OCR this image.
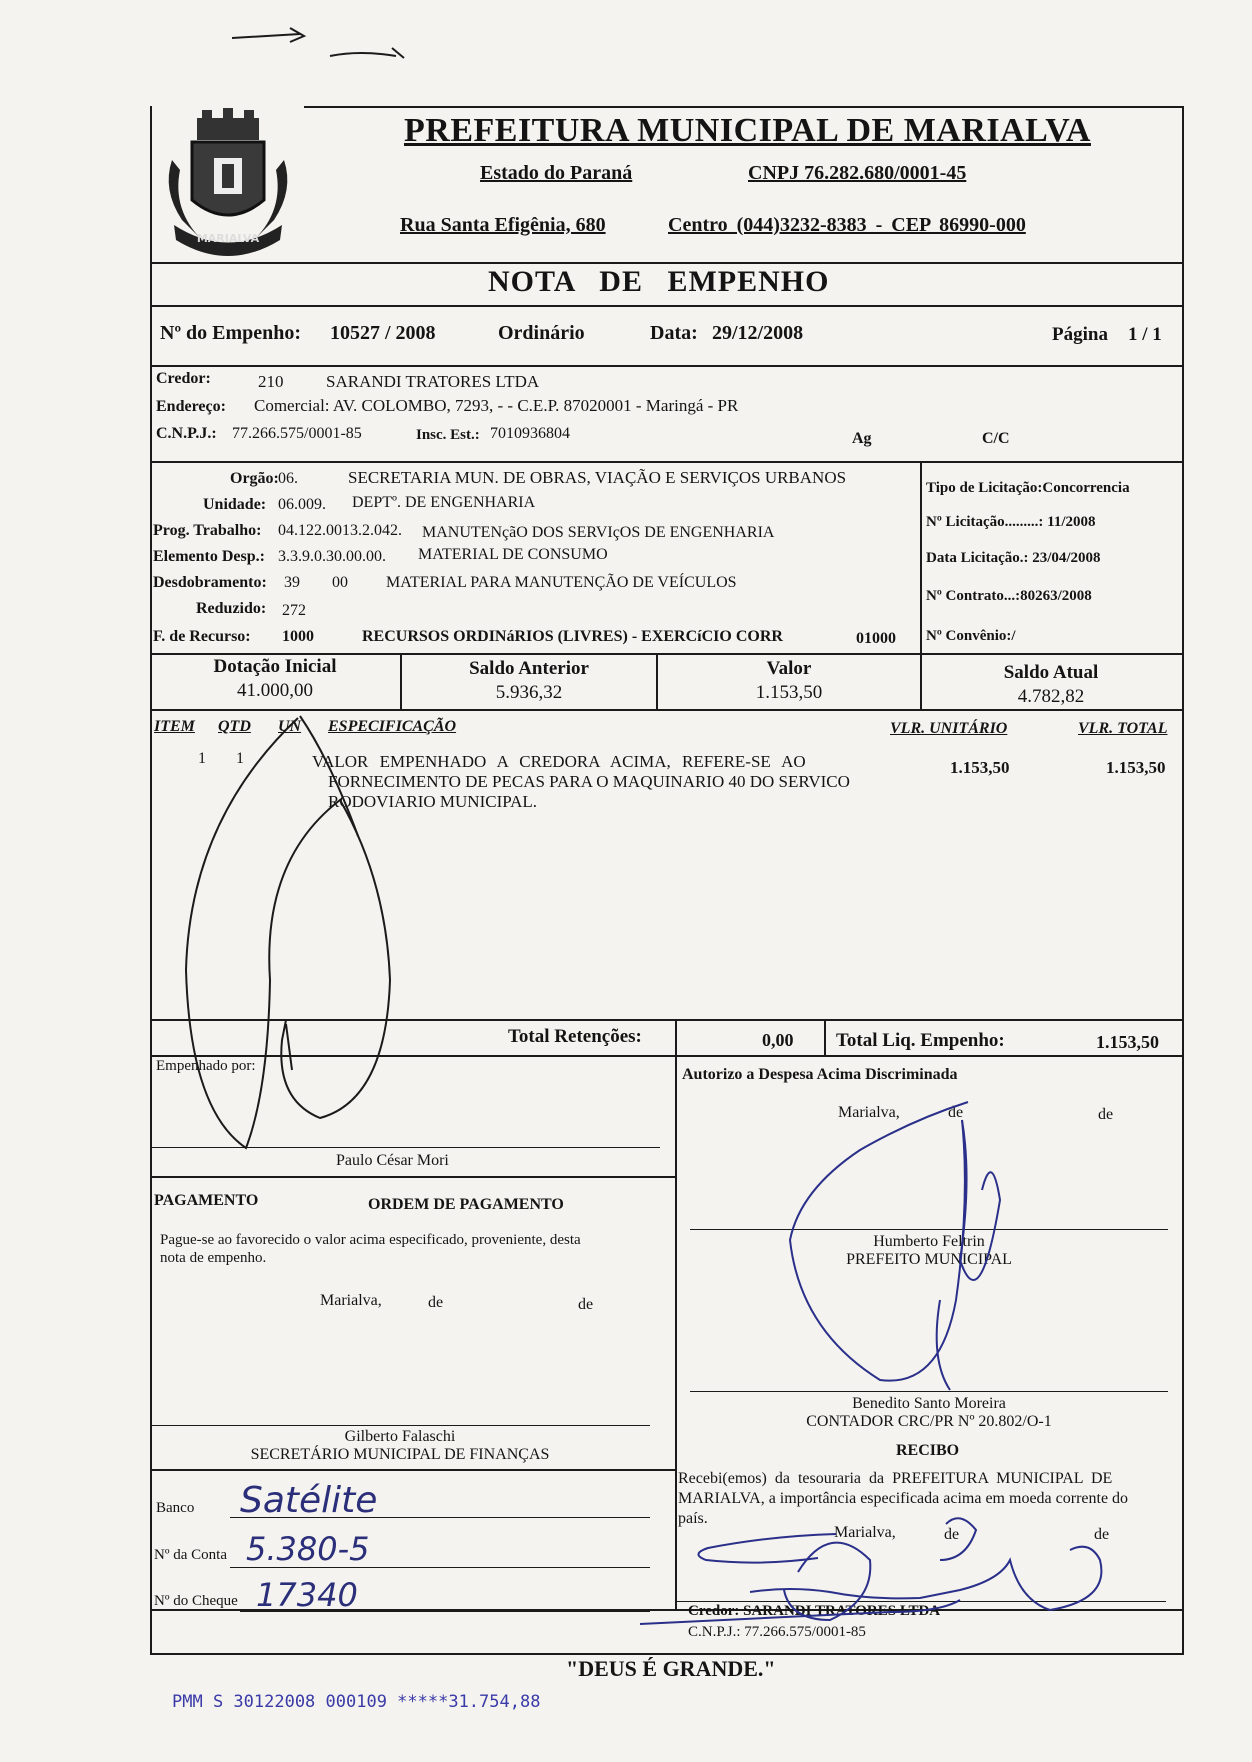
MARIALVA
PREFEITURA MUNICIPAL DE MARIALVA
Estado do Paraná	CNPJ 76.282.680/0001-45
Rua Santa Efigênia, 680	Centro (044)3232-8383 - CEP 86990-000
NOTA DE EMPENHO
Nº do Empenho: 10527 / 2008	Ordinário	Data: 29/12/2008	Página 1 / 1
Credor:	210	SARANDI TRATORES LTDA
Endereço: Comercial: AV. COLOMBO, 7293, - - C.E.P. 87020001 - Maringá - PR
C.N.P.J.: 77.266.575/0001-85	Insc. Est.: 7010936804	Ag	C/C
Orgão: 06.	SECRETARIA MUN. DE OBRAS, VIAÇÃO E SERVIÇOS URBANOS
Unidade: 06.009. DEPTº. DE ENGENHARIA
Prog. Trabalho: 04.122.0013.2.042. MANUTENçãO DOS SERVIçOS DE ENGENHARIA
Elemento Desp.: 3.3.9.0.30.00.00. MATERIAL DE CONSUMO
Desdobramento: 39 00 MATERIAL PARA MANUTENÇÃO DE VEÍCULOS
Reduzido: 272
F. de Recurso: 1000	RECURSOS ORDINáRIOS (LIVRES) - EXERCíCIO CORR	01000
Tipo de Licitação:Concorrencia
Nº Licitação.........: 11/2008
Data Licitação.: 23/04/2008
Nº Contrato...:80263/2008
Nº Convênio:/
Dotação Inicial
41.000,00
Saldo Anterior
5.936,32
Valor
1.153,50
Saldo Atual
4.782,82
ITEM QTD UN ESPECIFICAÇÃO	VLR. UNITÁRIO	VLR. TOTAL
1 1	VALOR EMPENHADO A CREDORA ACIMA, REFERE-SE AO
FORNECIMENTO DE PECAS PARA O MAQUINARIO 40 DO SERVICO
RODOVIARIO MUNICIPAL.
1.153,50	1.153,50
Total Retenções:	0,00 Total Liq. Empenho:	1.153,50
Empenhado por:
Paulo César Mori
Autorizo a Despesa Acima Discriminada
Marialva,	de	de
Humberto Feltrin
PREFEITO MUNICIPAL
Benedito Santo Moreira
CONTADOR CRC/PR Nº 20.802/O-1
PAGAMENTO	ORDEM DE PAGAMENTO
Pague-se ao favorecido o valor acima especificado, proveniente, desta
nota de empenho.
Marialva,	de	de
Gilberto Falaschi
SECRETÁRIO MUNICIPAL DE FINANÇAS
Banco Satélite
Nº da Conta 5.380-5
Nº do Cheque 17340
RECIBO
Recebi(emos) da tesouraria da PREFEITURA MUNICIPAL DE
MARIALVA, a importância especificada acima em moeda corrente do
país.
Marialva,	de	de
Credor: SARANDI TRATORES LTDA
C.N.P.J.: 77.266.575/0001-85
"DEUS É GRANDE."
PMM S 30122008 000109 *****31.754,88
